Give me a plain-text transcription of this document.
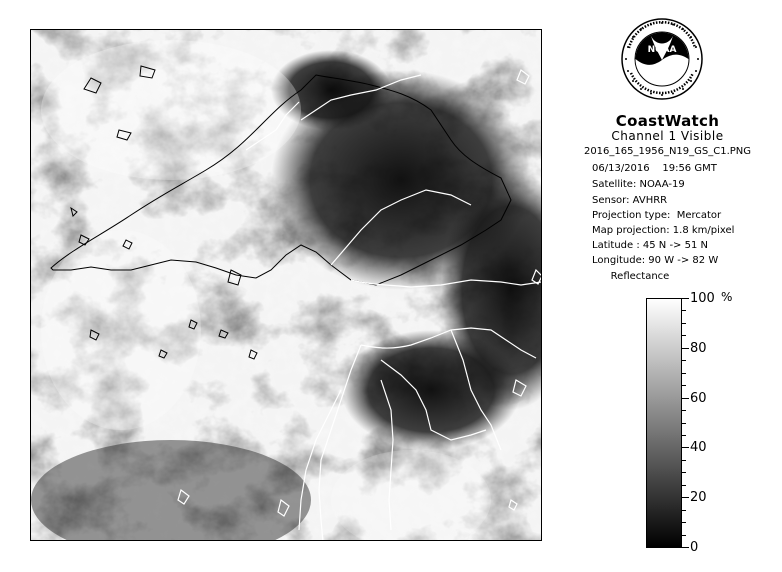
NOAA
CoastWatch
Channel 1 Visible
2016_165_1956_N19_GS_C1.PNG
06/13/2016    19:56 GMT
Satellite: NOAA-19
Sensor: AVHRR
Projection type:  Mercator
Map projection: 1.8 km/pixel
Latitude : 45 N -> 51 N
Longitude: 90 W -> 82 W
Reflectance
%
100
80
60
40
20
0
